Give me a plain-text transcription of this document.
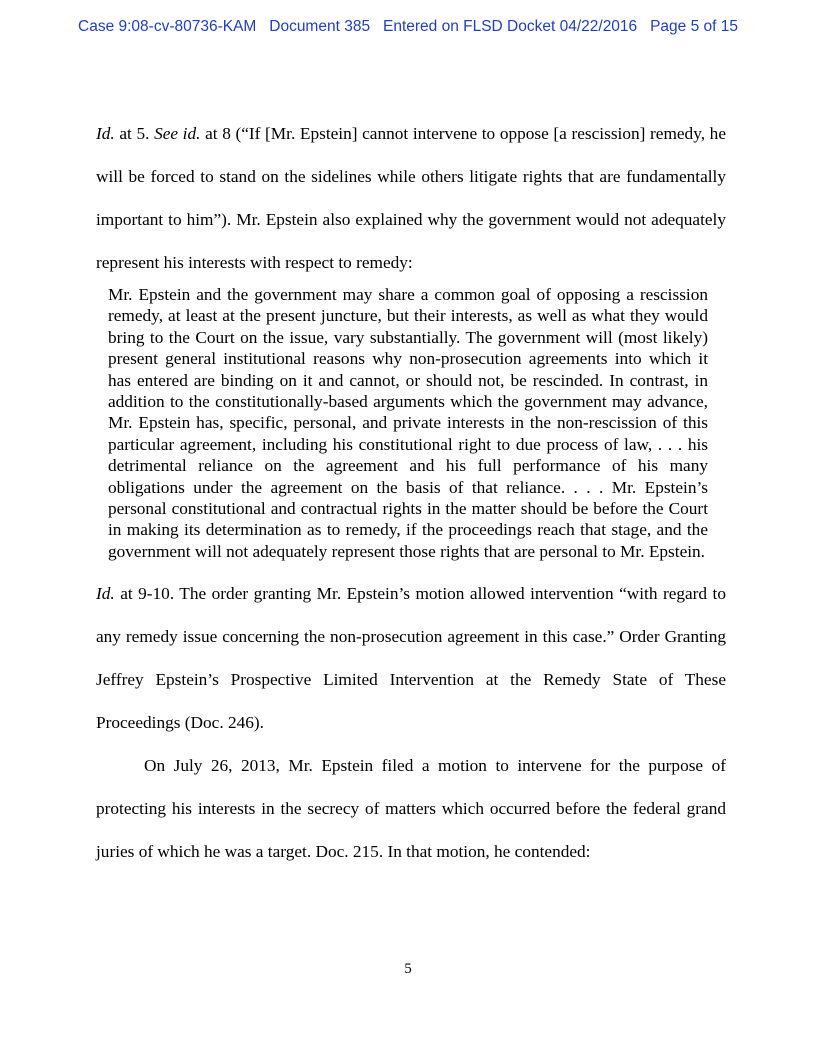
Case 9:08-cv-80736-KAM   Document 385   Entered on FLSD Docket 04/22/2016   Page 5 of 15

Id. at 5. See id. at 8 (“If [Mr. Epstein] cannot intervene to oppose [a rescission] remedy, he will be forced to stand on the sidelines while others litigate rights that are fundamentally important to him”). Mr. Epstein also explained why the government would not adequately represent his interests with respect to remedy:

Mr. Epstein and the government may share a common goal of opposing a rescission remedy, at least at the present juncture, but their interests, as well as what they would bring to the Court on the issue, vary substantially. The government will (most likely) present general institutional reasons why non-prosecution agreements into which it has entered are binding on it and cannot, or should not, be rescinded. In contrast, in addition to the constitutionally-based arguments which the government may advance, Mr. Epstein has, specific, personal, and private interests in the non-rescission of this particular agreement, including his constitutional right to due process of law, . . . his detrimental reliance on the agreement and his full performance of his many obligations under the agreement on the basis of that reliance. . . . Mr. Epstein’s personal constitutional and contractual rights in the matter should be before the Court in making its determination as to remedy, if the proceedings reach that stage, and the government will not adequately represent those rights that are personal to Mr. Epstein.

Id. at 9-10. The order granting Mr. Epstein’s motion allowed intervention “with regard to any remedy issue concerning the non-prosecution agreement in this case.” Order Granting Jeffrey Epstein’s Prospective Limited Intervention at the Remedy State of These Proceedings (Doc. 246).

On July 26, 2013, Mr. Epstein filed a motion to intervene for the purpose of protecting his interests in the secrecy of matters which occurred before the federal grand juries of which he was a target. Doc. 215. In that motion, he contended:

5
